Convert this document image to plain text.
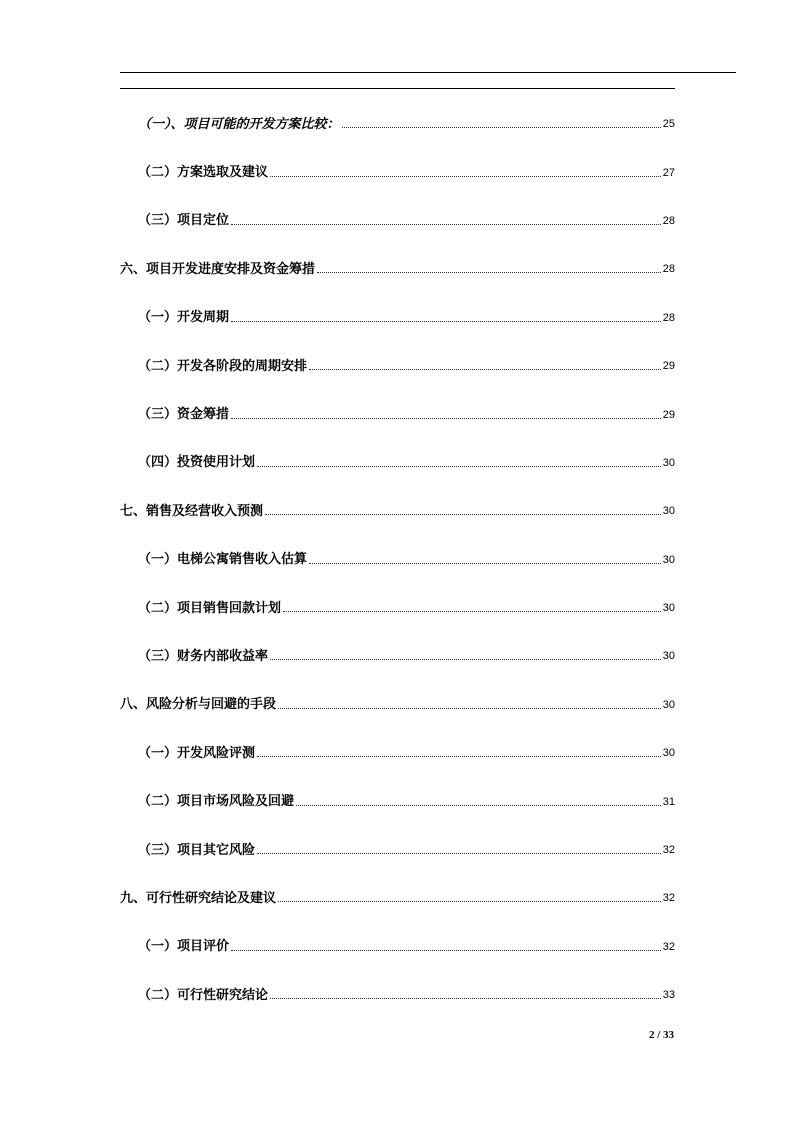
（一）、项目可能的开发方案比较：	25
（二）方案选取及建议	27
（三）项目定位	28
六、项目开发进度安排及资金筹措	28
（一）开发周期	28
（二）开发各阶段的周期安排	29
（三）资金筹措	29
（四）投资使用计划	30
七、销售及经营收入预测	30
（一）电梯公寓销售收入估算	30
（二）项目销售回款计划	30
（三）财务内部收益率	30
八、风险分析与回避的手段	30
（一）开发风险评测	30
（二）项目市场风险及回避	31
（三）项目其它风险	32
九、可行性研究结论及建议	32
（一）项目评价	32
（二）可行性研究结论	33
2 / 33
